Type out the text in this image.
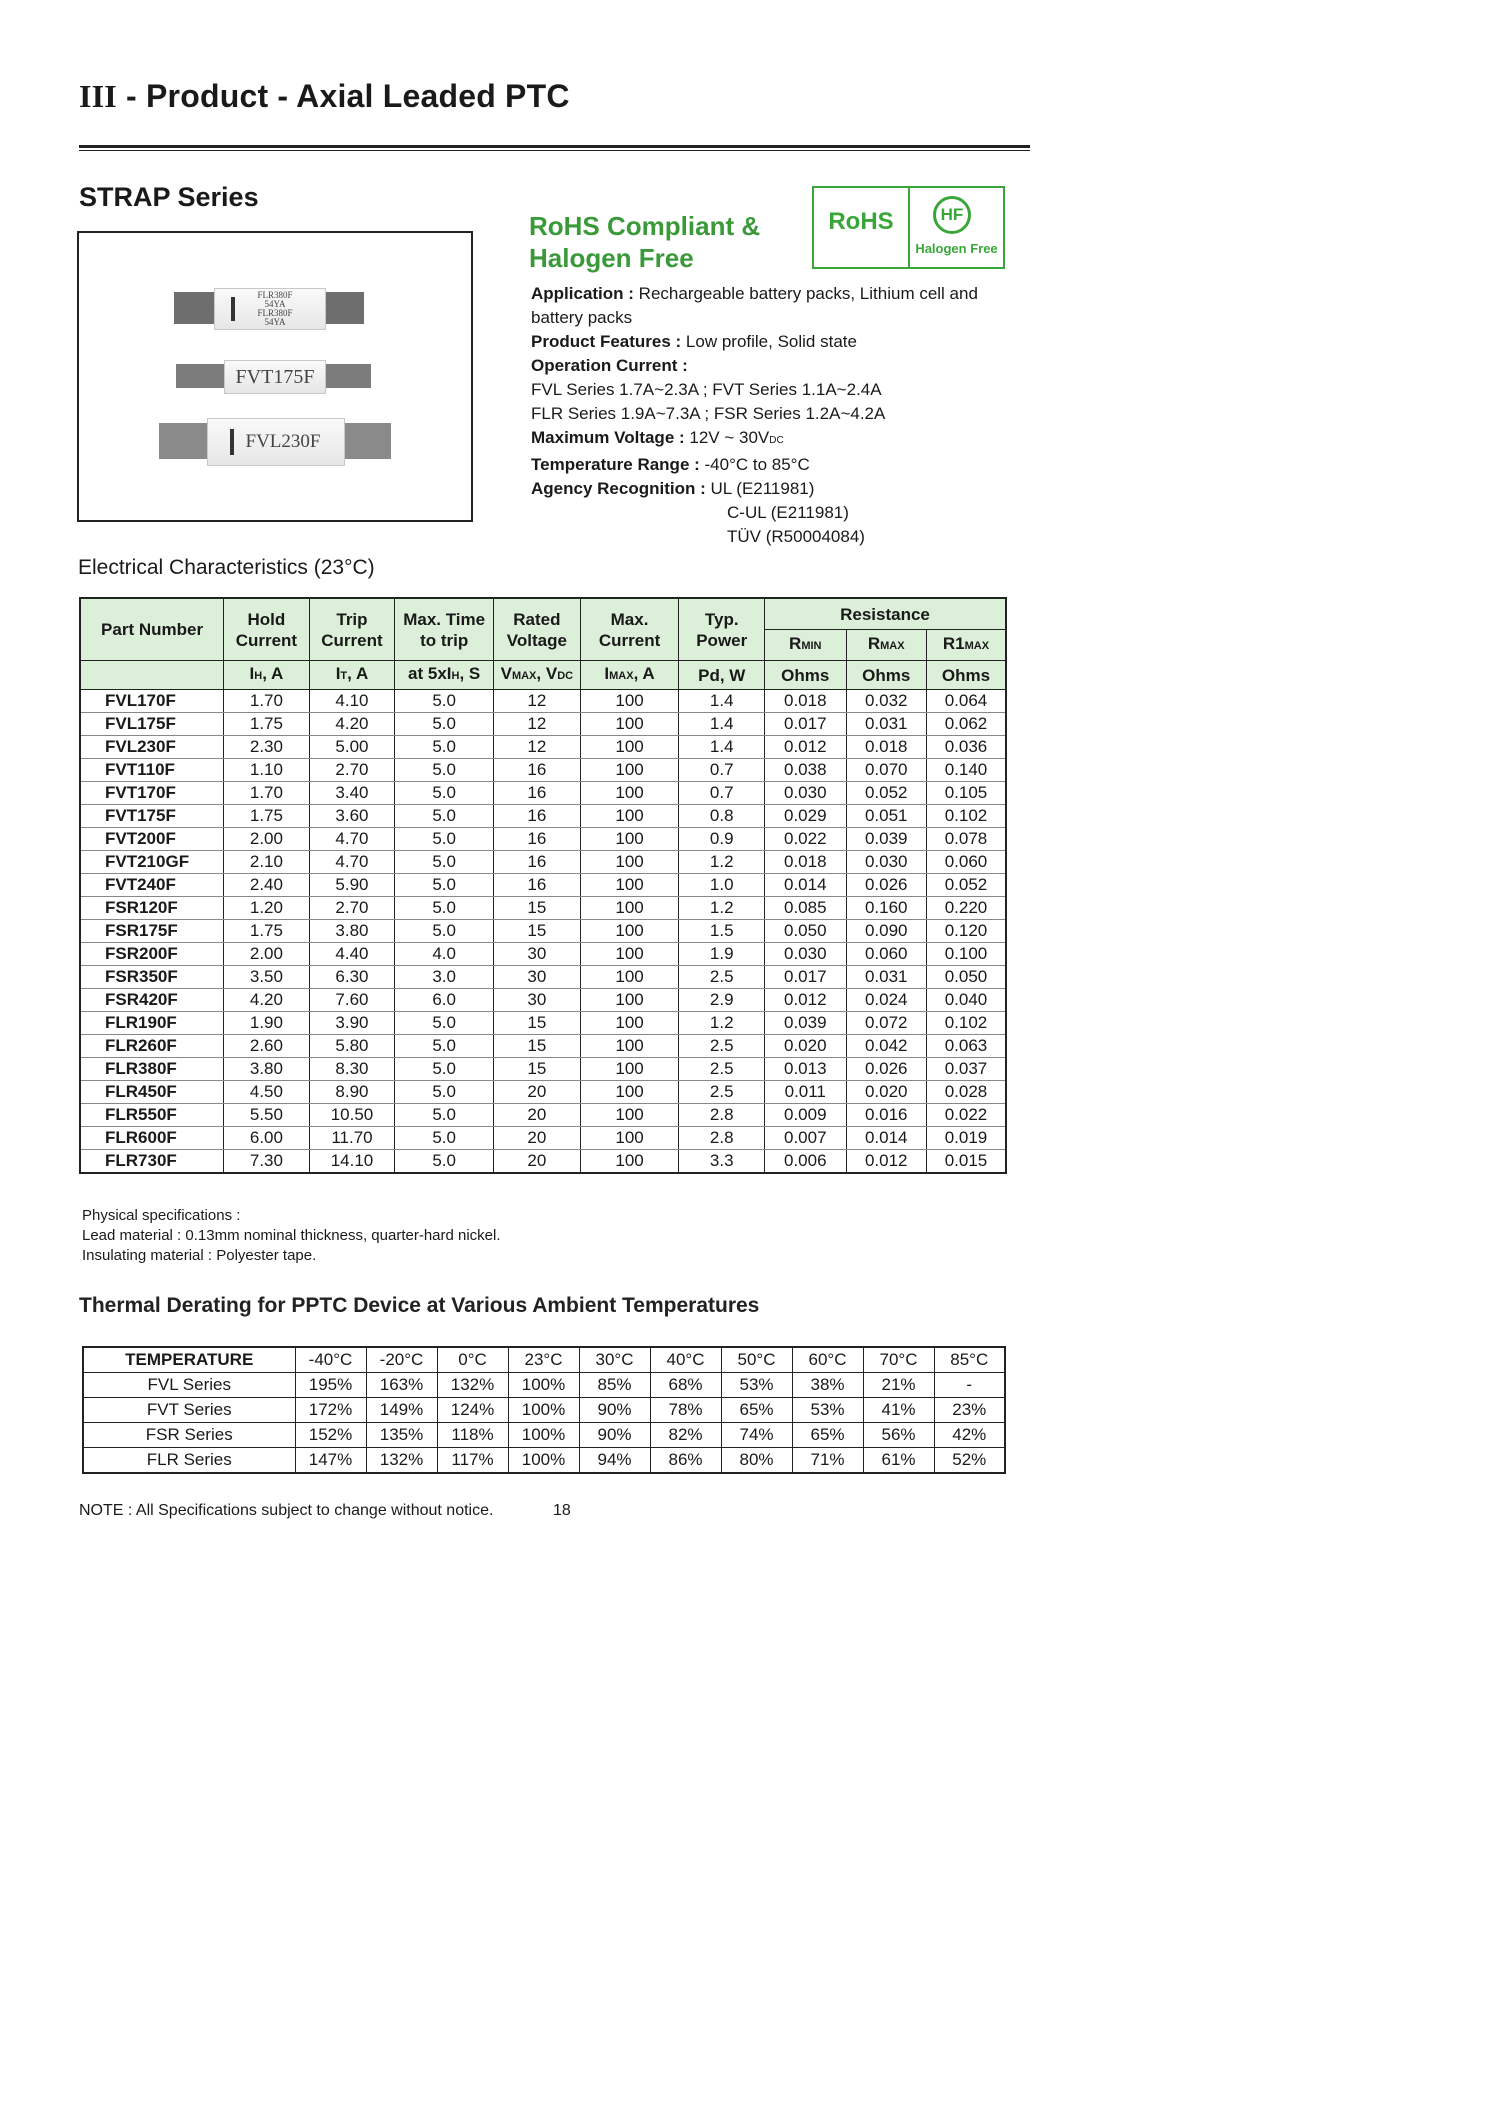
III - Product - Axial Leaded PTC
STRAP Series
FLR380F
54YA
FLR380F
54YA
FVT175F
FVL230F
RoHS Compliant &
Halogen Free
RoHS	HF
Halogen Free
Application : Rechargeable battery packs, Lithium cell and battery packs
Product Features : Low profile, Solid state
Operation Current :
FVL Series 1.7A~2.3A ; FVT Series 1.1A~2.4A
FLR Series 1.9A~7.3A ; FSR Series 1.2A~4.2A
Maximum Voltage : 12V ~ 30VDC
Temperature Range : -40°C to 85°C
Agency Recognition : UL (E211981)
C-UL (E211981)
TÜV (R50004084)
Electrical Characteristics (23°C)
Part Number	Hold Current	Trip Current	Max. Time to trip	Rated Voltage	Max. Current	Typ. Power	Resistance		
							RMIN	RMAX	R1MAX
	IH, A	IT, A	at 5xIH, S	VMAX, VDC	IMAX, A	Pd, W	Ohms	Ohms	Ohms
FVL170F	1.70	4.10	5.0	12	100	1.4	0.018	0.032	0.064
FVL175F	1.75	4.20	5.0	12	100	1.4	0.017	0.031	0.062
FVL230F	2.30	5.00	5.0	12	100	1.4	0.012	0.018	0.036
FVT110F	1.10	2.70	5.0	16	100	0.7	0.038	0.070	0.140
FVT170F	1.70	3.40	5.0	16	100	0.7	0.030	0.052	0.105
FVT175F	1.75	3.60	5.0	16	100	0.8	0.029	0.051	0.102
FVT200F	2.00	4.70	5.0	16	100	0.9	0.022	0.039	0.078
FVT210GF	2.10	4.70	5.0	16	100	1.2	0.018	0.030	0.060
FVT240F	2.40	5.90	5.0	16	100	1.0	0.014	0.026	0.052
FSR120F	1.20	2.70	5.0	15	100	1.2	0.085	0.160	0.220
FSR175F	1.75	3.80	5.0	15	100	1.5	0.050	0.090	0.120
FSR200F	2.00	4.40	4.0	30	100	1.9	0.030	0.060	0.100
FSR350F	3.50	6.30	3.0	30	100	2.5	0.017	0.031	0.050
FSR420F	4.20	7.60	6.0	30	100	2.9	0.012	0.024	0.040
FLR190F	1.90	3.90	5.0	15	100	1.2	0.039	0.072	0.102
FLR260F	2.60	5.80	5.0	15	100	2.5	0.020	0.042	0.063
FLR380F	3.80	8.30	5.0	15	100	2.5	0.013	0.026	0.037
FLR450F	4.50	8.90	5.0	20	100	2.5	0.011	0.020	0.028
FLR550F	5.50	10.50	5.0	20	100	2.8	0.009	0.016	0.022
FLR600F	6.00	11.70	5.0	20	100	2.8	0.007	0.014	0.019
FLR730F	7.30	14.10	5.0	20	100	3.3	0.006	0.012	0.015
Physical specifications :
Lead material : 0.13mm nominal thickness, quarter-hard nickel.
Insulating material : Polyester tape.
Thermal Derating for PPTC Device at Various Ambient Temperatures
TEMPERATURE	-40°C	-20°C	0°C	23°C	30°C	40°C	50°C	60°C	70°C	85°C
FVL Series	195%	163%	132%	100%	85%	68%	53%	38%	21%	-
FVT Series	172%	149%	124%	100%	90%	78%	65%	53%	41%	23%
FSR Series	152%	135%	118%	100%	90%	82%	74%	65%	56%	42%
FLR Series	147%	132%	117%	100%	94%	86%	80%	71%	61%	52%
NOTE : All Specifications subject to change without notice.	18
